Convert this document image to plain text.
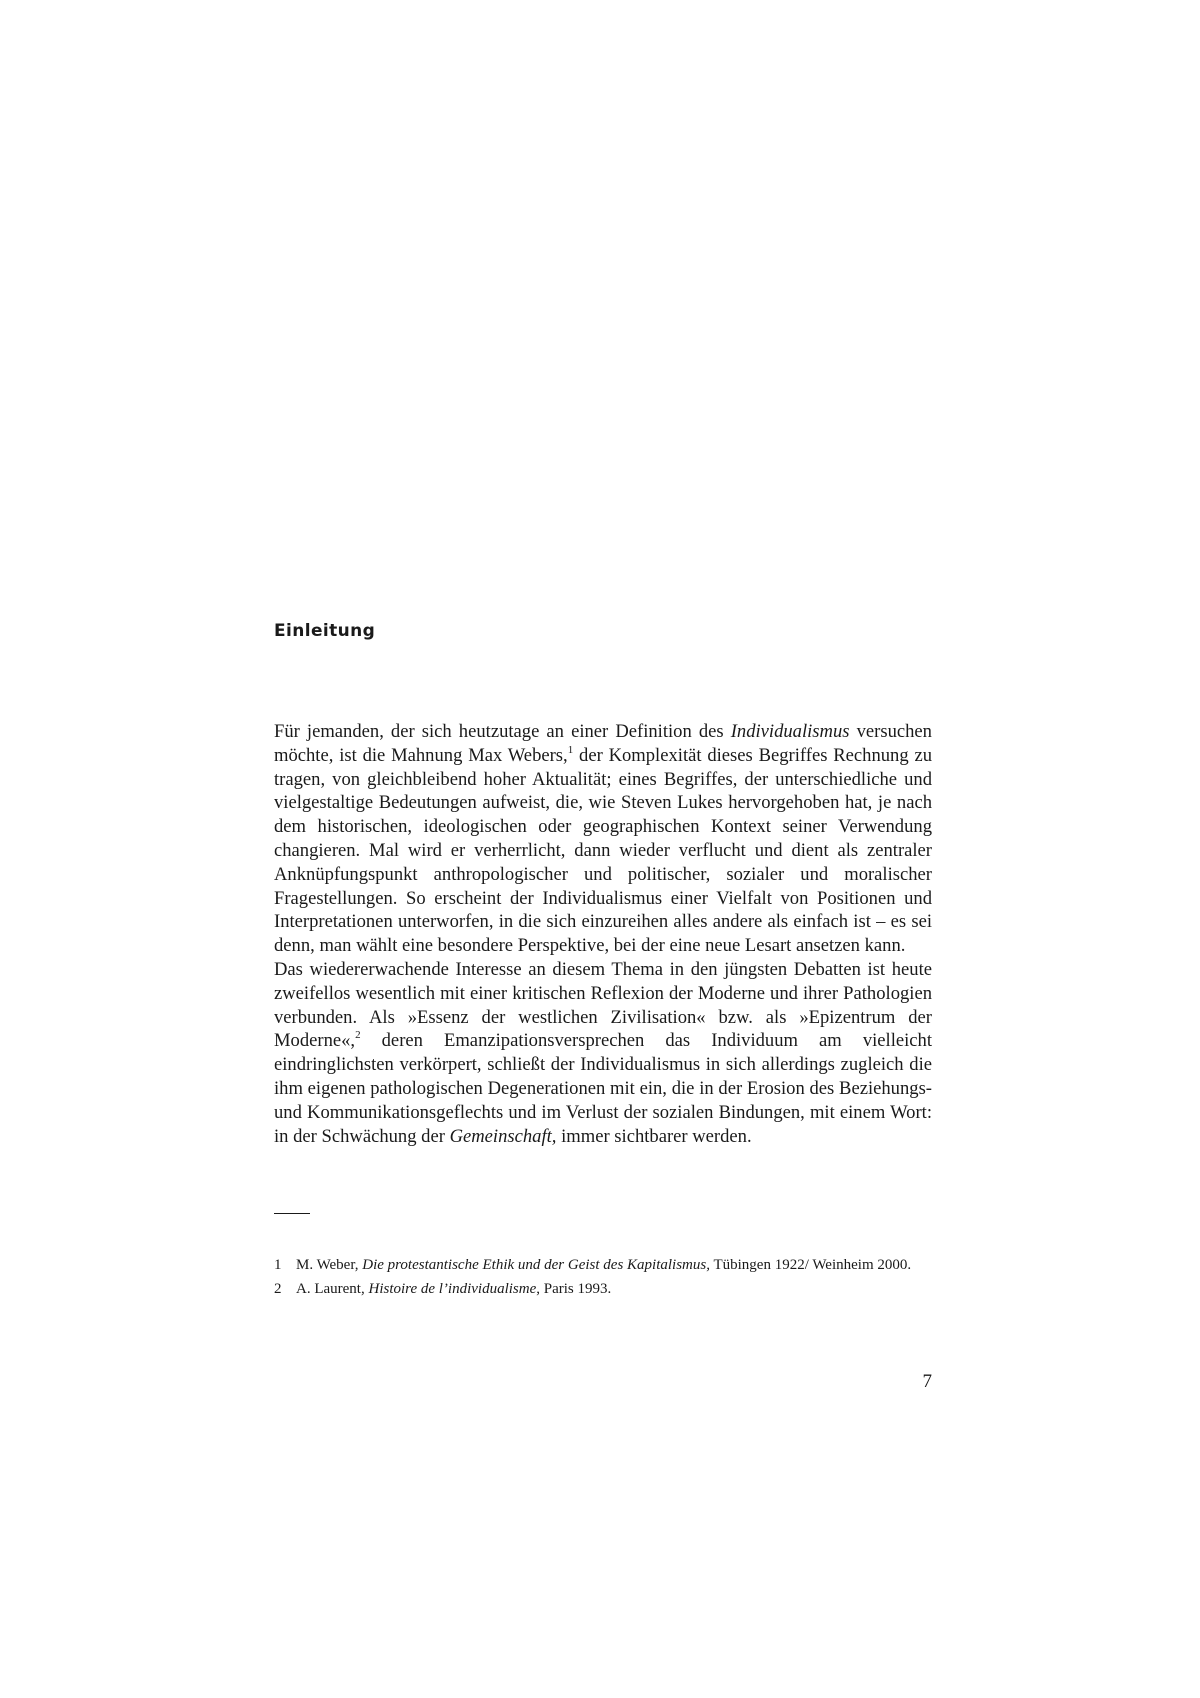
Einleitung

Für jemanden, der sich heutzutage an einer Definition des Individualismus versuchen möchte, ist die Mahnung Max Webers,$^1$ der Komplexität dieses Begriffes Rechnung zu tragen, von gleichbleibend hoher Aktualität; eines Begriffes, der unterschiedliche und vielgestaltige Bedeutungen aufweist, die, wie Steven Lukes hervorgehoben hat, je nach dem historischen, ideologischen oder geographischen Kontext seiner Verwendung changieren. Mal wird er verherrlicht, dann wieder verflucht und dient als zentraler Anknüpfungspunkt anthropologischer und politischer, sozialer und moralischer Fragestellungen. So erscheint der Individualismus einer Vielfalt von Positionen und Interpretationen unterworfen, in die sich einzureihen alles andere als einfach ist – es sei denn, man wählt eine besondere Perspektive, bei der eine neue Lesart ansetzen kann.

Das wiedererwachende Interesse an diesem Thema in den jüngsten Debatten ist heute zweifellos wesentlich mit einer kritischen Reflexion der Moderne und ihrer Pathologien verbunden. Als »Essenz der westlichen Zivilisation« bzw. als »Epizentrum der Moderne«,$^2$ deren Emanzipationsversprechen das Individuum am vielleicht eindringlichsten verkörpert, schließt der Individualismus in sich allerdings zugleich die ihm eigenen pathologischen Degenerationen mit ein, die in der Erosion des Beziehungs- und Kommunikationsgeflechts und im Verlust der sozialen Bindungen, mit einem Wort: in der Schwächung der Gemeinschaft, immer sichtbarer werden.

1 M. Weber, Die protestantische Ethik und der Geist des Kapitalismus, Tübingen 1922/ Weinheim 2000.

2 A. Laurent, Histoire de l’individualisme, Paris 1993.

7
